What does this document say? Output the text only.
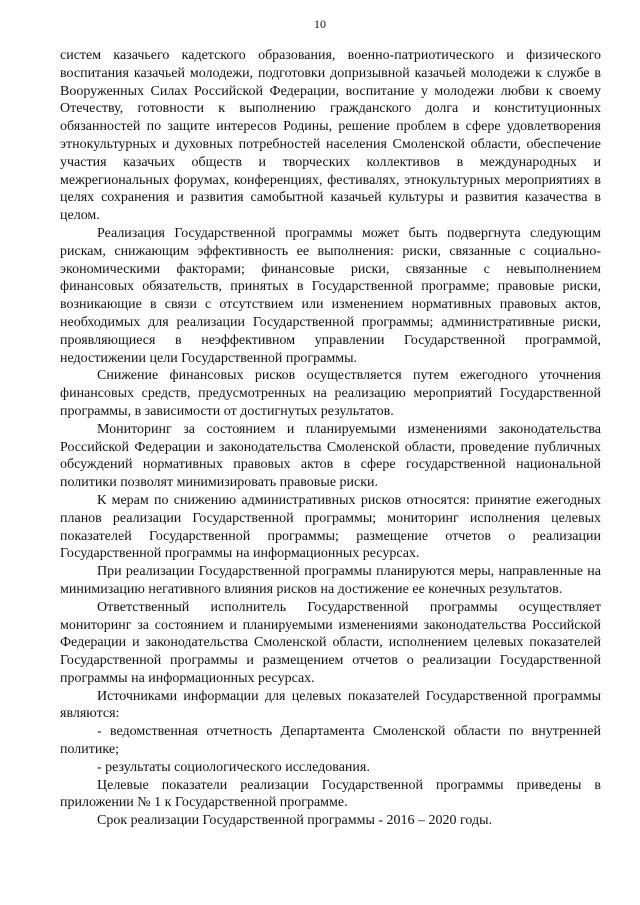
10

систем казачьего кадетского образования, военно-патриотического и физического воспитания казачьей молодежи, подготовки допризывной казачьей молодежи к службе в Вооруженных Силах Российской Федерации, воспитание у молодежи любви к своему Отечеству, готовности к выполнению гражданского долга и конституционных обязанностей по защите интересов Родины, решение проблем в сфере удовлетворения этнокультурных и духовных потребностей населения Смоленской области, обеспечение участия казачьих обществ и творческих коллективов в международных и межрегиональных форумах, конференциях, фестивалях, этнокультурных мероприятиях в целях сохранения и развития самобытной казачьей культуры и развития казачества в целом.

Реализация Государственной программы может быть подвергнута следующим рискам, снижающим эффективность ее выполнения: риски, связанные с социально-экономическими факторами; финансовые риски, связанные с невыполнением финансовых обязательств, принятых в Государственной программе; правовые риски, возникающие в связи с отсутствием или изменением нормативных правовых актов, необходимых для реализации Государственной программы; административные риски, проявляющиеся в неэффективном управлении Государственной программой, недостижении цели Государственной программы.

Снижение финансовых рисков осуществляется путем ежегодного уточнения финансовых средств, предусмотренных на реализацию мероприятий Государственной программы, в зависимости от достигнутых результатов.

Мониторинг за состоянием и планируемыми изменениями законодательства Российской Федерации и законодательства Смоленской области, проведение публичных обсуждений нормативных правовых актов в сфере государственной национальной политики позволят минимизировать правовые риски.

К мерам по снижению административных рисков относятся: принятие ежегодных планов реализации Государственной программы; мониторинг исполнения целевых показателей Государственной программы; размещение отчетов о реализации Государственной программы на информационных ресурсах.

При реализации Государственной программы планируются меры, направленные на минимизацию негативного влияния рисков на достижение ее конечных результатов.

Ответственный исполнитель Государственной программы осуществляет мониторинг за состоянием и планируемыми изменениями законодательства Российской Федерации и законодательства Смоленской области, исполнением целевых показателей Государственной программы и размещением отчетов о реализации Государственной программы на информационных ресурсах.

Источниками информации для целевых показателей Государственной программы являются:

- ведомственная отчетность Департамента Смоленской области по внутренней политике;

- результаты социологического исследования.

Целевые показатели реализации Государственной программы приведены в приложении № 1 к Государственной программе.

Срок реализации Государственной программы - 2016 – 2020 годы.
